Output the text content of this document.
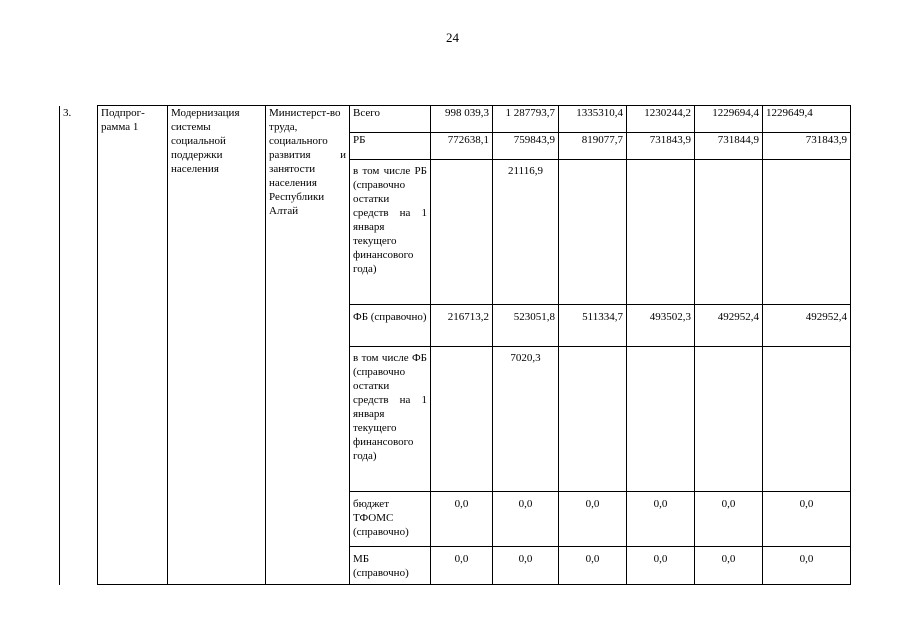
24
3.	Подпрог-рамма 1	Модернизация системы социальной поддержки населения	Министерст-во труда, социального развития и занятости населения Республики Алтай	Всего	998 039,3	1 287793,7	1335310,4	1230244,2	1229694,4	1229649,4
				РБ	772638,1	759843,9	819077,7	731843,9	731844,9	731843,9
				в том числе РБ (справочно остатки средств на 1 января текущего финансового года)		21116,9				
				ФБ (справочно)	216713,2	523051,8	511334,7	493502,3	492952,4	492952,4
				в том числе ФБ (справочно остатки средств на 1 января текущего финансового года)		7020,3				
				бюджет ТФОМС (справочно)	0,0	0,0	0,0	0,0	0,0	0,0
				МБ (справочно)	0,0	0,0	0,0	0,0	0,0	0,0
